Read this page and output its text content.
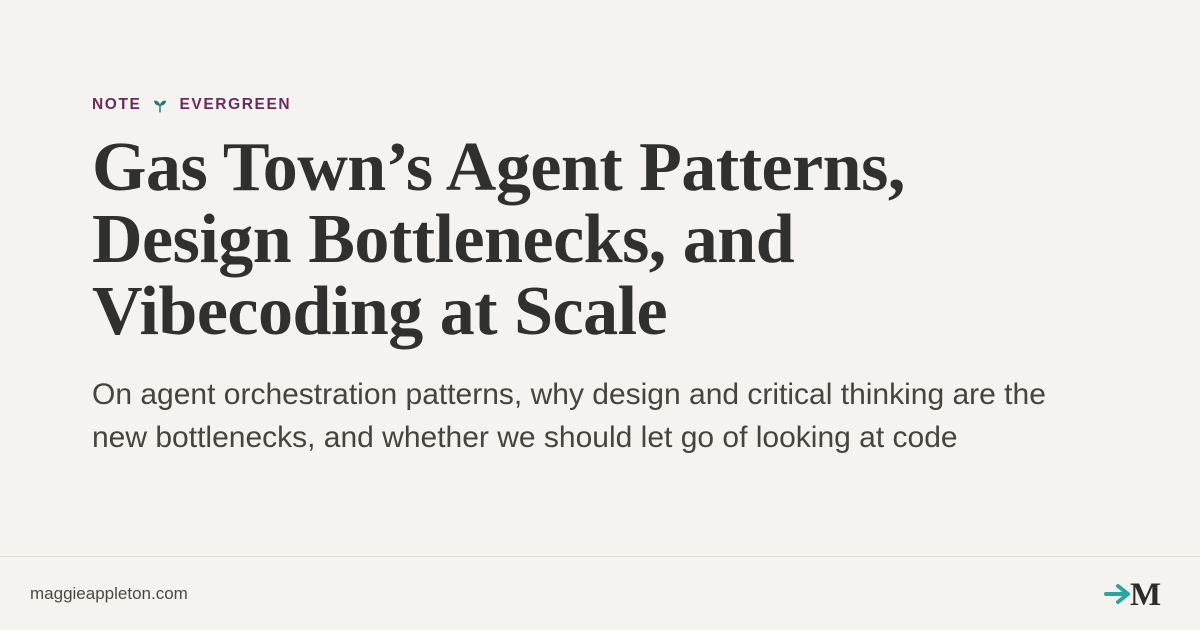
NOTE EVERGREEN
Gas Town’s Agent Patterns, Design Bottlenecks, and Vibecoding at Scale

On agent orchestration patterns, why design and critical thinking are the new bottlenecks, and whether we should let go of looking at code

maggieappleton.com	M
